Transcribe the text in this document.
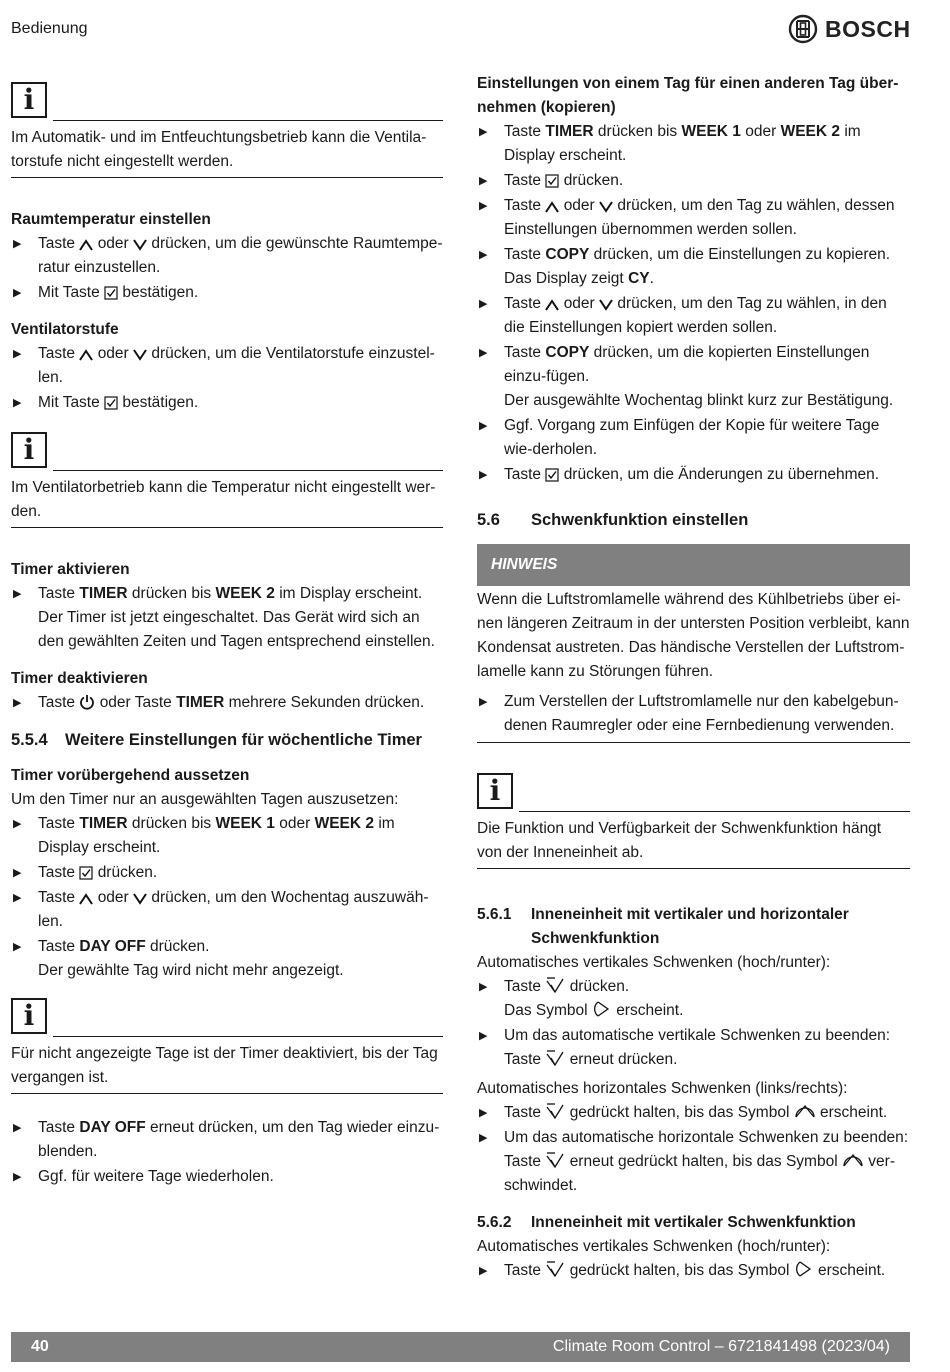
Bedienung	BOSCH
i
Im Automatik- und im Entfeuchtungsbetrieb kann die Ventila-torstufe nicht eingestellt werden.
Raumtemperatur einstellen
▶ Taste oder drücken, um die gewünschte Raumtempe-ratur einzustellen.
▶ Mit Taste bestätigen.
Ventilatorstufe
▶ Taste oder drücken, um die Ventilatorstufe einzustel-len.
▶ Mit Taste bestätigen.
i
Im Ventilatorbetrieb kann die Temperatur nicht eingestellt wer-den.
Timer aktivieren
▶ Taste TIMER drücken bis WEEK 2 im Display erscheint.
Der Timer ist jetzt eingeschaltet. Das Gerät wird sich an den gewählten Zeiten und Tagen entsprechend einstellen.
Timer deaktivieren
▶ Taste oder Taste TIMER mehrere Sekunden drücken.
5.5.4 Weitere Einstellungen für wöchentliche Timer
Timer vorübergehend aussetzen
Um den Timer nur an ausgewählten Tagen auszusetzen:
▶ Taste TIMER drücken bis WEEK 1 oder WEEK 2 im Display erscheint.
▶ Taste drücken.
▶ Taste oder drücken, um den Wochentag auszuwäh-len.
▶ Taste DAY OFF drücken.
Der gewählte Tag wird nicht mehr angezeigt.
i
Für nicht angezeigte Tage ist der Timer deaktiviert, bis der Tag vergangen ist.
▶ Taste DAY OFF erneut drücken, um den Tag wieder einzu-blenden.
▶ Ggf. für weitere Tage wiederholen.
Einstellungen von einem Tag für einen anderen Tag über-nehmen (kopieren)
▶ Taste TIMER drücken bis WEEK 1 oder WEEK 2 im Display erscheint.
▶ Taste drücken.
▶ Taste oder drücken, um den Tag zu wählen, dessen Einstellungen übernommen werden sollen.
▶ Taste COPY drücken, um die Einstellungen zu kopieren.
Das Display zeigt CY.
▶ Taste oder drücken, um den Tag zu wählen, in den die Einstellungen kopiert werden sollen.
▶ Taste COPY drücken, um die kopierten Einstellungen einzu-fügen.
Der ausgewählte Wochentag blinkt kurz zur Bestätigung.
▶ Ggf. Vorgang zum Einfügen der Kopie für weitere Tage wie-derholen.
▶ Taste drücken, um die Änderungen zu übernehmen.
5.6 Schwenkfunktion einstellen
HINWEIS
Wenn die Luftstromlamelle während des Kühlbetriebs über ei-nen längeren Zeitraum in der untersten Position verbleibt, kann Kondensat austreten. Das händische Verstellen der Luftstrom-lamelle kann zu Störungen führen.
▶ Zum Verstellen der Luftstromlamelle nur den kabelgebun-denen Raumregler oder eine Fernbedienung verwenden.
i
Die Funktion und Verfügbarkeit der Schwenkfunktion hängt von der Inneneinheit ab.
5.6.1	Inneneinheit mit vertikaler und horizontaler Schwenkfunktion
Automatisches vertikales Schwenken (hoch/runter):
▶ Taste drücken.
Das Symbol erscheint.
▶ Um das automatische vertikale Schwenken zu beenden:
Taste erneut drücken.
Automatisches horizontales Schwenken (links/rechts):
▶ Taste gedrückt halten, bis das Symbol erscheint.
▶ Um das automatische horizontale Schwenken zu beenden:
Taste erneut gedrückt halten, bis das Symbol ver-schwindet.
5.6.2 Inneneinheit mit vertikaler Schwenkfunktion
Automatisches vertikales Schwenken (hoch/runter):
▶ Taste gedrückt halten, bis das Symbol erscheint.
40	Climate Room Control – 6721841498 (2023/04)
